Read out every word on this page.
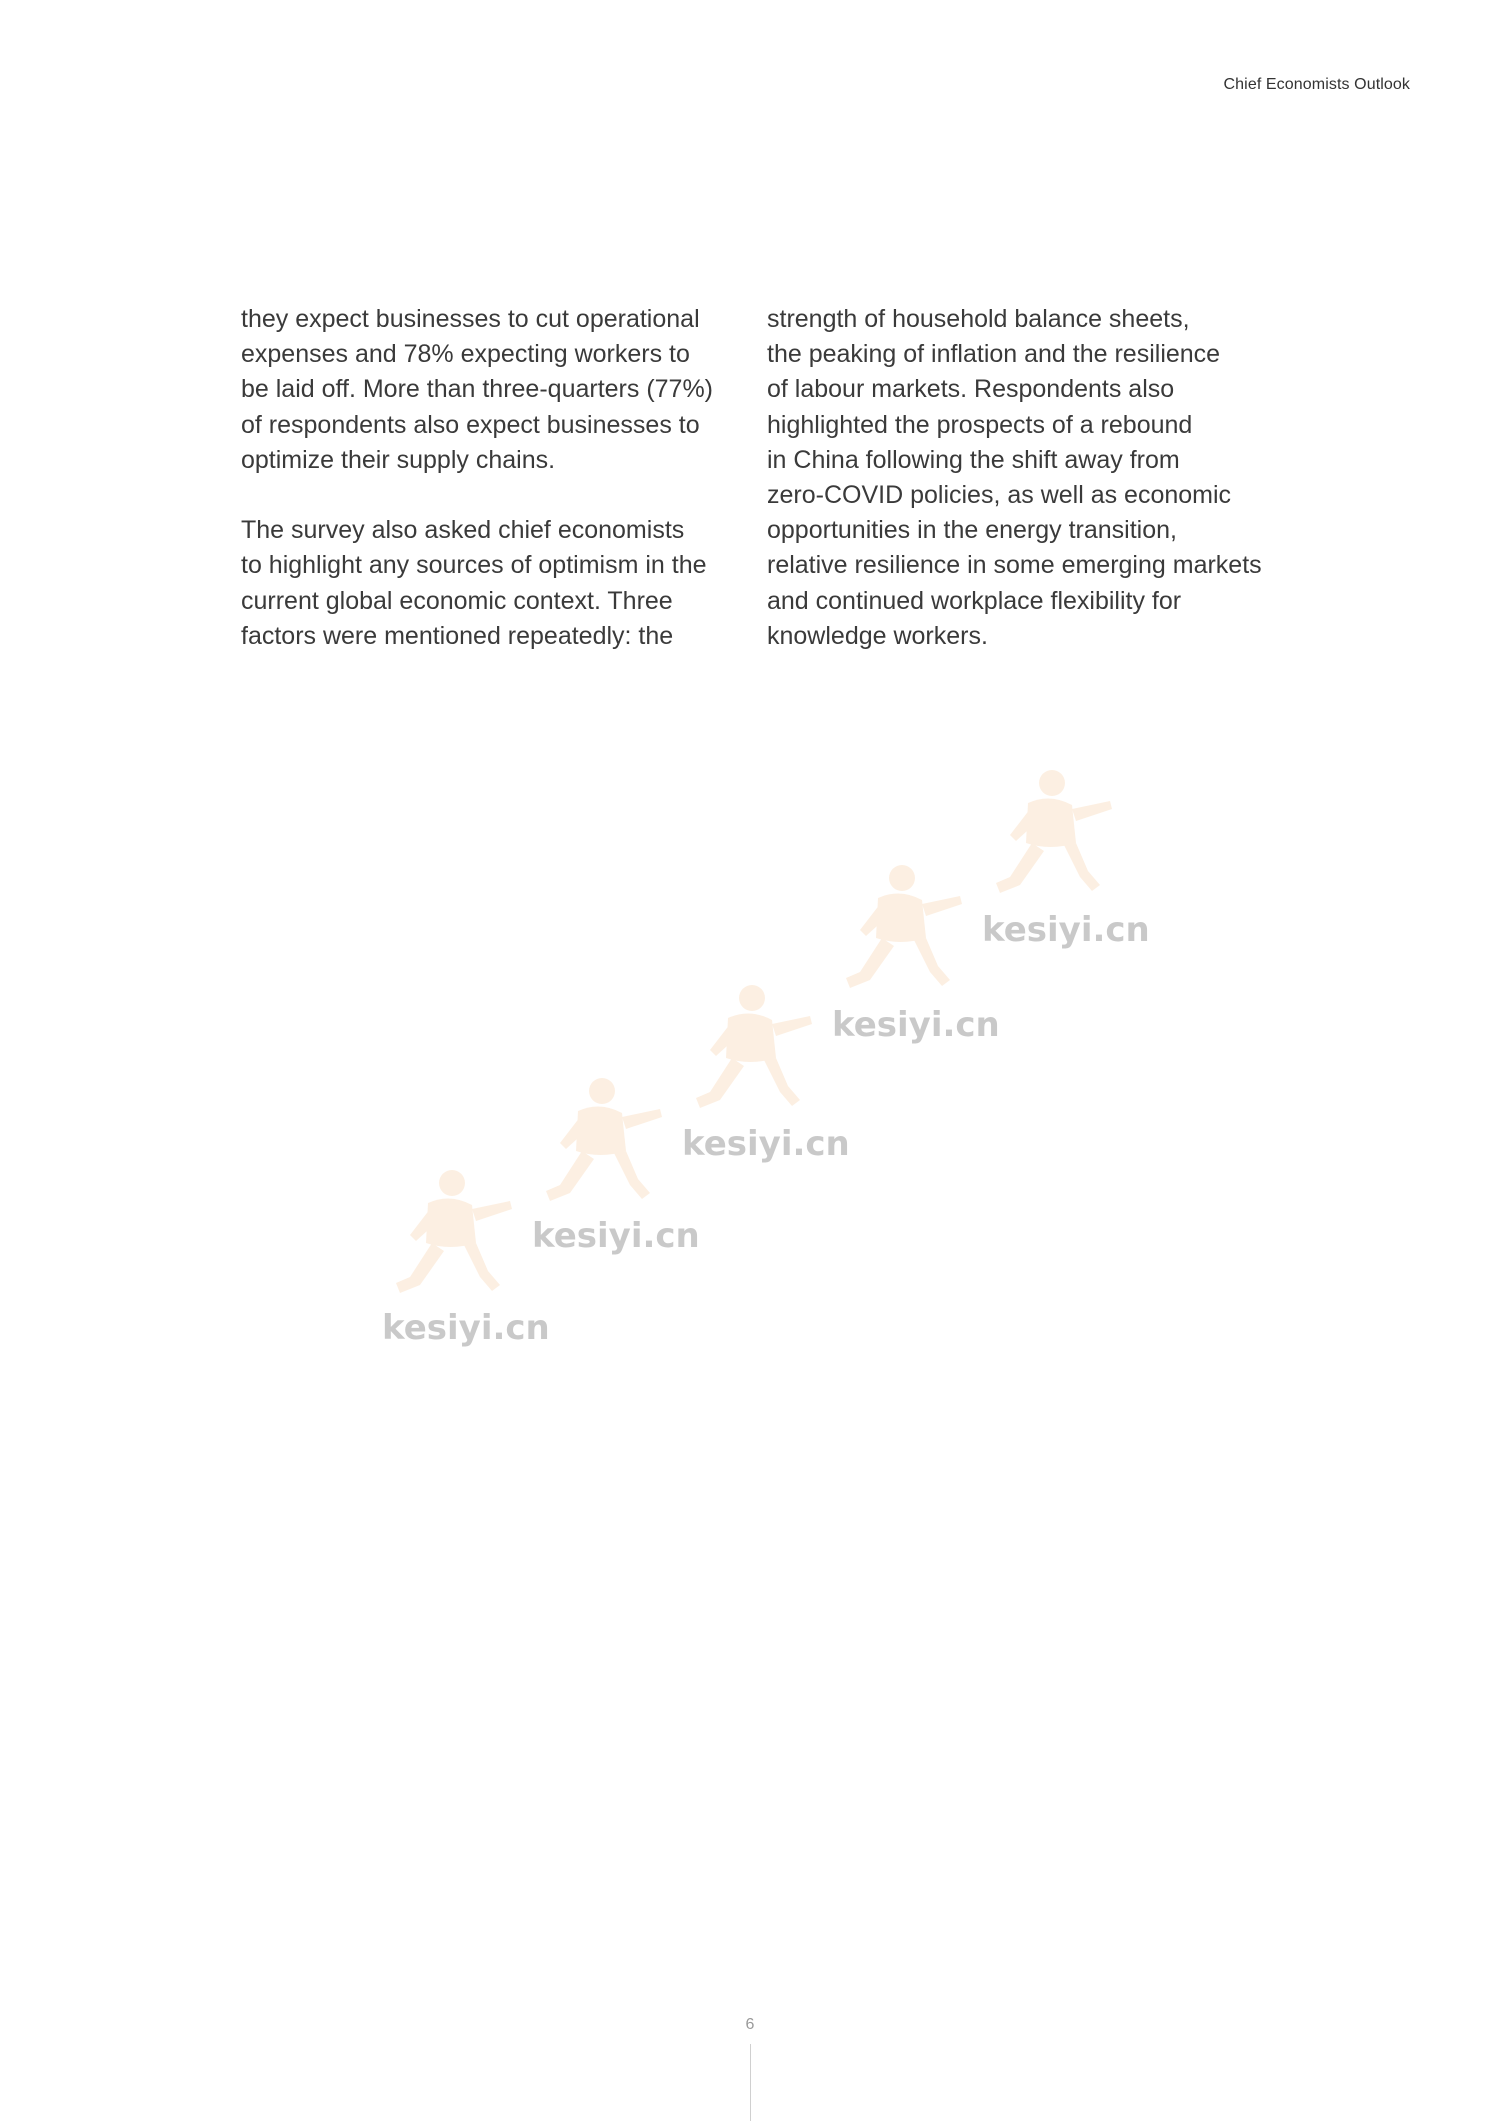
Chief Economists Outlook
they expect businesses to cut operational
expenses and 78% expecting workers to
be laid off. More than three-quarters (77%)
of respondents also expect businesses to
optimize their supply chains.
The survey also asked chief economists
to highlight any sources of optimism in the
current global economic context. Three
factors were mentioned repeatedly: the
strength of household balance sheets,
the peaking of inflation and the resilience
of labour markets. Respondents also
highlighted the prospects of a rebound
in China following the shift away from
zero-COVID policies, as well as economic
opportunities in the energy transition,
relative resilience in some emerging markets
and continued workplace flexibility for
knowledge workers.
kesiyi.cn
kesiyi.cn
kesiyi.cn
kesiyi.cn
kesiyi.cn
6
